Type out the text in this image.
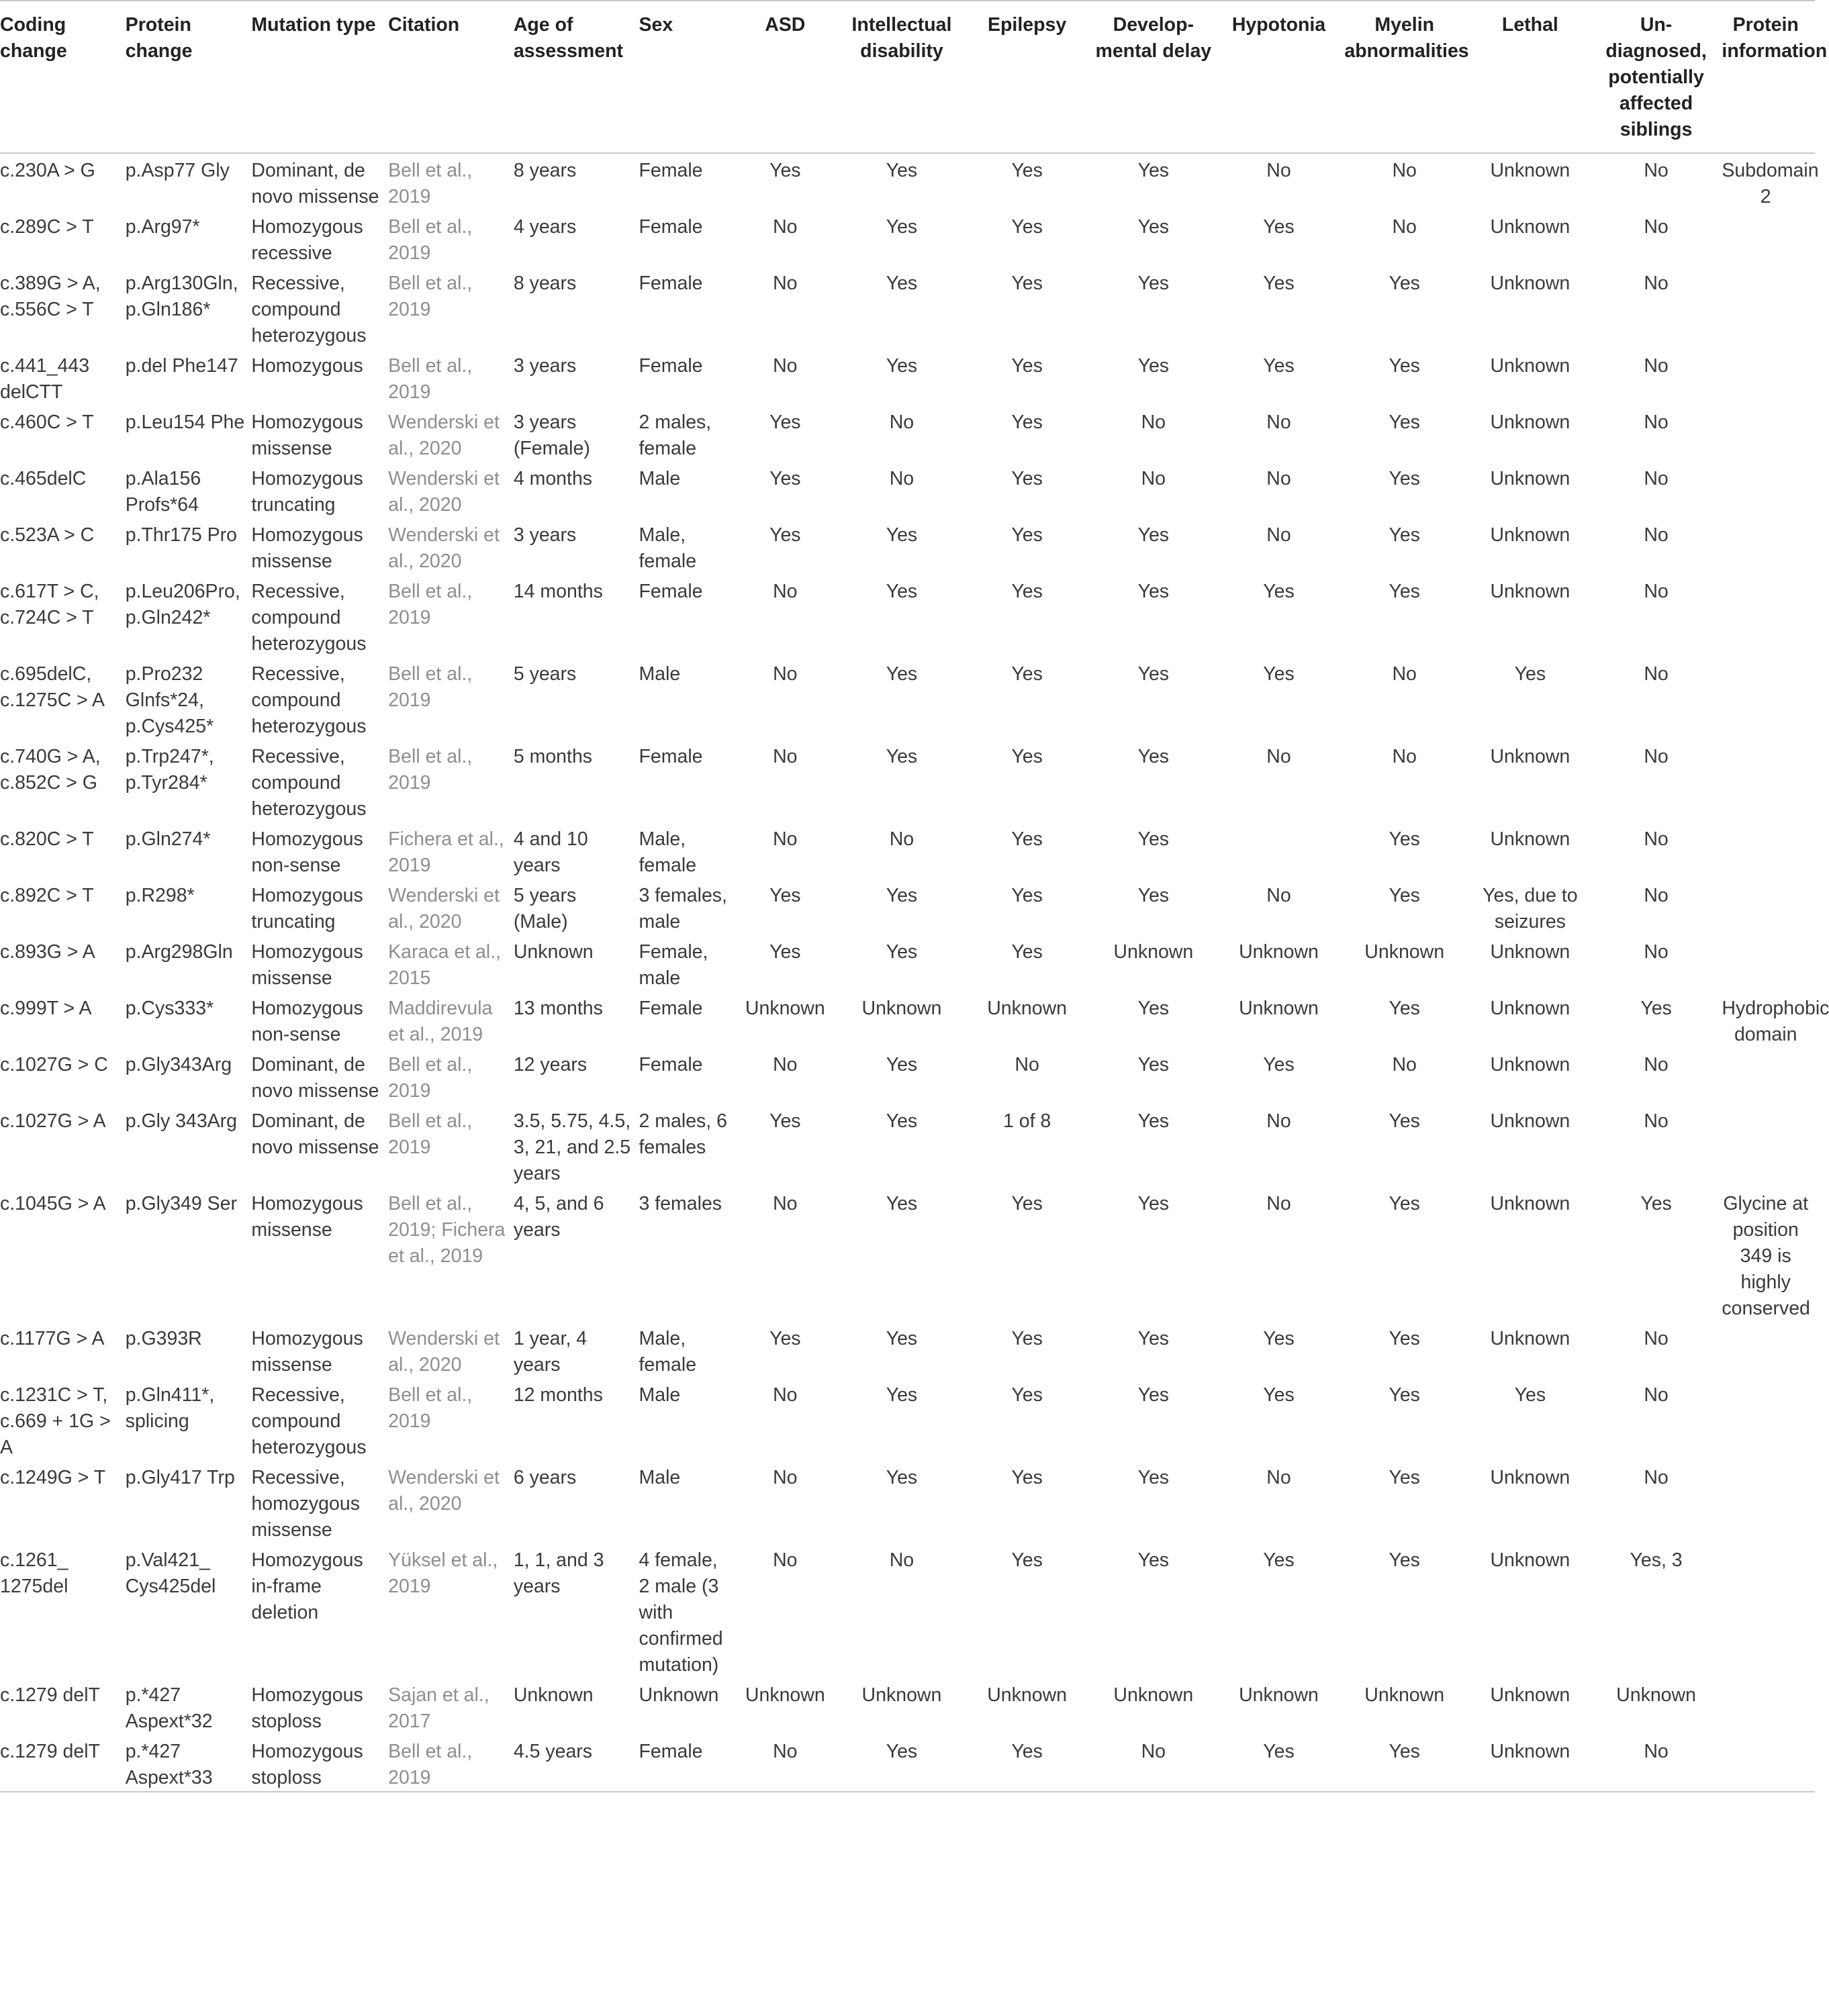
Coding change	Protein change	Mutation type	Citation	Age of assessment	Sex	ASD	Intellectual disability	Epilepsy	Develop-mental delay	Hypotonia	Myelin abnormalities	Lethal	Un-diagnosed, potentially affected siblings	Protein information
c.230A > G	p.Asp77 Gly	Dominant, de novo missense	Bell et al., 2019	8 years	Female	Yes	Yes	Yes	Yes	No	No	Unknown	No	Subdomain 2
c.289C > T	p.Arg97*	Homozygous recessive	Bell et al., 2019	4 years	Female	No	Yes	Yes	Yes	Yes	No	Unknown	No	
c.389G > A, c.556C > T	p.Arg130Gln, p.Gln186*	Recessive, compound heterozygous	Bell et al., 2019	8 years	Female	No	Yes	Yes	Yes	Yes	Yes	Unknown	No	
c.441_443 delCTT	p.del Phe147	Homozygous	Bell et al., 2019	3 years	Female	No	Yes	Yes	Yes	Yes	Yes	Unknown	No	
c.460C > T	p.Leu154 Phe	Homozygous missense	Wenderski et al., 2020	3 years (Female)	2 males, female	Yes	No	Yes	No	No	Yes	Unknown	No	
c.465delC	p.Ala156 Profs*64	Homozygous truncating	Wenderski et al., 2020	4 months	Male	Yes	No	Yes	No	No	Yes	Unknown	No	
c.523A > C	p.Thr175 Pro	Homozygous missense	Wenderski et al., 2020	3 years	Male, female	Yes	Yes	Yes	Yes	No	Yes	Unknown	No	
c.617T > C, c.724C > T	p.Leu206Pro, p.Gln242*	Recessive, compound heterozygous	Bell et al., 2019	14 months	Female	No	Yes	Yes	Yes	Yes	Yes	Unknown	No	
c.695delC, c.1275C > A	p.Pro232 Glnfs*24, p.Cys425*	Recessive, compound heterozygous	Bell et al., 2019	5 years	Male	No	Yes	Yes	Yes	Yes	No	Yes	No	
c.740G > A, c.852C > G	p.Trp247*, p.Tyr284*	Recessive, compound heterozygous	Bell et al., 2019	5 months	Female	No	Yes	Yes	Yes	No	No	Unknown	No	
c.820C > T	p.Gln274*	Homozygous non-sense	Fichera et al., 2019	4 and 10 years	Male, female	No	No	Yes	Yes		Yes	Unknown	No	
c.892C > T	p.R298*	Homozygous truncating	Wenderski et al., 2020	5 years (Male)	3 females, male	Yes	Yes	Yes	Yes	No	Yes	Yes, due to seizures	No	
c.893G > A	p.Arg298Gln	Homozygous missense	Karaca et al., 2015	Unknown	Female, male	Yes	Yes	Yes	Unknown	Unknown	Unknown	Unknown	No	
c.999T > A	p.Cys333*	Homozygous non-sense	Maddirevula et al., 2019	13 months	Female	Unknown	Unknown	Unknown	Yes	Unknown	Yes	Unknown	Yes	Hydrophobic domain
c.1027G > C	p.Gly343Arg	Dominant, de novo missense	Bell et al., 2019	12 years	Female	No	Yes	No	Yes	Yes	No	Unknown	No	
c.1027G > A	p.Gly 343Arg	Dominant, de novo missense	Bell et al., 2019	3.5, 5.75, 4.5, 3, 21, and 2.5 years	2 males, 6 females	Yes	Yes	1 of 8	Yes	No	Yes	Unknown	No	
c.1045G > A	p.Gly349 Ser	Homozygous missense	Bell et al., 2019; Fichera et al., 2019	4, 5, and 6 years	3 females	No	Yes	Yes	Yes	No	Yes	Unknown	Yes	Glycine at position 349 is highly conserved
c.1177G > A	p.G393R	Homozygous missense	Wenderski et al., 2020	1 year, 4 years	Male, female	Yes	Yes	Yes	Yes	Yes	Yes	Unknown	No	
c.1231C > T, c.669 + 1G > A	p.Gln411*, splicing	Recessive, compound heterozygous	Bell et al., 2019	12 months	Male	No	Yes	Yes	Yes	Yes	Yes	Yes	No	
c.1249G > T	p.Gly417 Trp	Recessive, homozygous missense	Wenderski et al., 2020	6 years	Male	No	Yes	Yes	Yes	No	Yes	Unknown	No	
c.1261_ 1275del	p.Val421_ Cys425del	Homozygous in-frame deletion	Yüksel et al., 2019	1, 1, and 3 years	4 female, 2 male (3 with confirmed mutation)	No	No	Yes	Yes	Yes	Yes	Unknown	Yes, 3	
c.1279 delT	p.*427 Aspext*32	Homozygous stoploss	Sajan et al., 2017	Unknown	Unknown	Unknown	Unknown	Unknown	Unknown	Unknown	Unknown	Unknown	Unknown	
c.1279 delT	p.*427 Aspext*33	Homozygous stoploss	Bell et al., 2019	4.5 years	Female	No	Yes	Yes	No	Yes	Yes	Unknown	No	
